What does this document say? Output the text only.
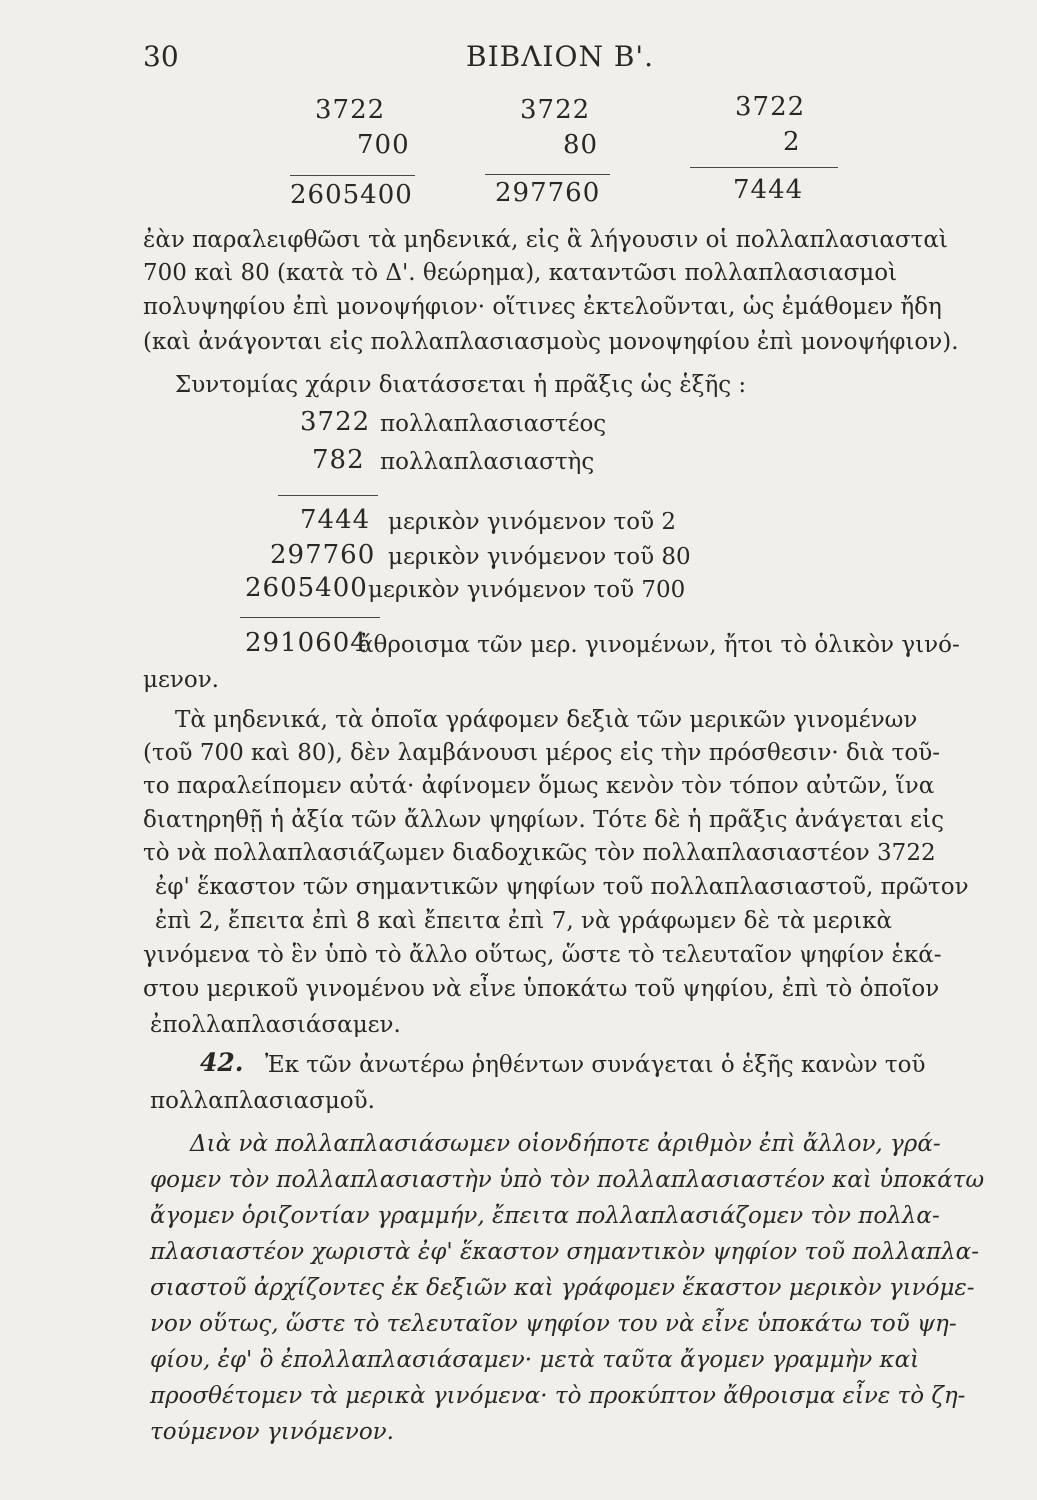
30	ΒΙΒΛΙΟΝ Β'.
3722
700
2605400
3722
80
297760
3722
2
7444
ἐὰν παραλειφθῶσι τὰ μηδενικά, εἰς ἃ λήγουσιν οἱ πολλαπλασιασταὶ
700 καὶ 80 (κατὰ τὸ Δ'. θεώρημα), καταντῶσι πολλαπλασιασμοὶ
πολυψηφίου ἐπὶ μονοψήφιον· οἵτινες ἐκτελοῦνται, ὡς ἐμάθομεν ἤδη
(καὶ ἀνάγονται εἰς πολλαπλασιασμοὺς μονοψηφίου ἐπὶ μονοψήφιον).
Συντομίας χάριν διατάσσεται ἡ πρᾶξις ὡς ἑξῆς :
3722 πολλαπλασιαστέος
782 πολλαπλασιαστὴς
7444 μερικὸν γινόμενον τοῦ 2
297760 μερικὸν γινόμενον τοῦ 80
2605400 μερικὸν γινόμενον τοῦ 700
2910604
ἄθροισμα τῶν μερ. γινομένων, ἤτοι τὸ ὁλικὸν γινό-
μενον.
Τὰ μηδενικά, τὰ ὁποῖα γράφομεν δεξιὰ τῶν μερικῶν γινομένων
(τοῦ 700 καὶ 80), δὲν λαμβάνουσι μέρος εἰς τὴν πρόσθεσιν· διὰ τοῦ-
το παραλείπομεν αὐτά· ἀφίνομεν ὅμως κενὸν τὸν τόπον αὐτῶν, ἵνα
διατηρηθῇ ἡ ἀξία τῶν ἄλλων ψηφίων. Τότε δὲ ἡ πρᾶξις ἀνάγεται εἰς
τὸ νὰ πολλαπλασιάζωμεν διαδοχικῶς τὸν πολλαπλασιαστέον 3722
ἐφ' ἕκαστον τῶν σημαντικῶν ψηφίων τοῦ πολλαπλασιαστοῦ, πρῶτον
ἐπὶ 2, ἔπειτα ἐπὶ 8 καὶ ἔπειτα ἐπὶ 7, νὰ γράφωμεν δὲ τὰ μερικὰ
γινόμενα τὸ ἓν ὑπὸ τὸ ἄλλο οὕτως, ὥστε τὸ τελευταῖον ψηφίον ἑκά-
στου μερικοῦ γινομένου νὰ εἶνε ὑποκάτω τοῦ ψηφίου, ἐπὶ τὸ ὁποῖον
ἐπολλαπλασιάσαμεν.
42. Ἐκ τῶν ἀνωτέρω ῥηθέντων συνάγεται ὁ ἑξῆς κανὼν τοῦ
πολλαπλασιασμοῦ.
Διὰ νὰ πολλαπλασιάσωμεν οἱονδήποτε ἀριθμὸν ἐπὶ ἄλλον, γρά-
φομεν τὸν πολλαπλασιαστὴν ὑπὸ τὸν πολλαπλασιαστέον καὶ ὑποκάτω
ἄγομεν ὁριζοντίαν γραμμήν, ἔπειτα πολλαπλασιάζομεν τὸν πολλα-
πλασιαστέον χωριστὰ ἐφ' ἕκαστον σημαντικὸν ψηφίον τοῦ πολλαπλα-
σιαστοῦ ἀρχίζοντες ἐκ δεξιῶν καὶ γράφομεν ἕκαστον μερικὸν γινόμε-
νον οὕτως, ὥστε τὸ τελευταῖον ψηφίον του νὰ εἶνε ὑποκάτω τοῦ ψη-
φίου, ἐφ' ὃ ἐπολλαπλασιάσαμεν· μετὰ ταῦτα ἄγομεν γραμμὴν καὶ
προσθέτομεν τὰ μερικὰ γινόμενα· τὸ προκύπτον ἄθροισμα εἶνε τὸ ζη-
τούμενον γινόμενον.
